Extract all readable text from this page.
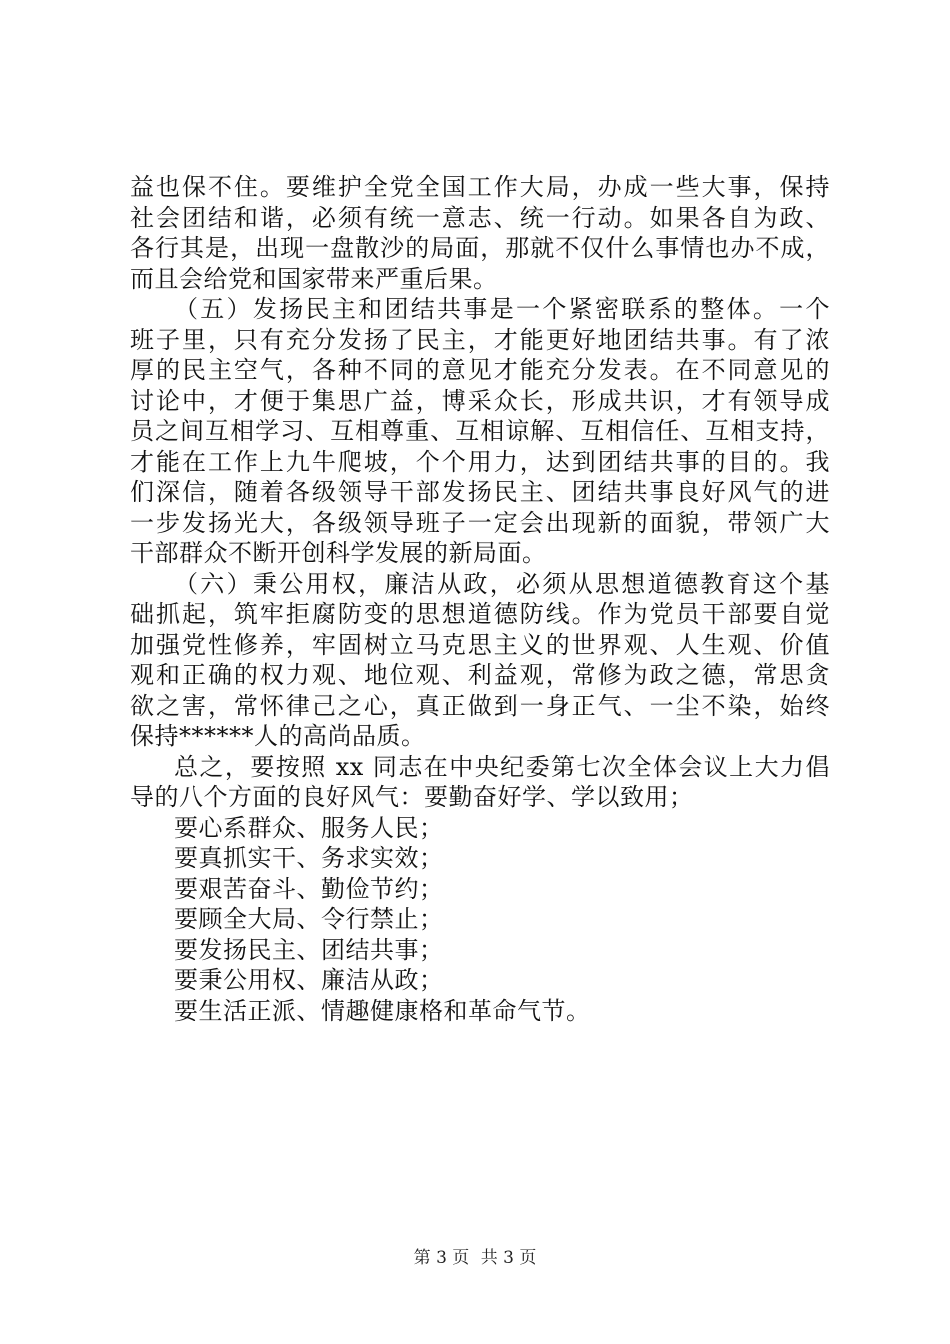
益也保不住。要维护全党全国工作大局，办成一些大事，保持
社会团结和谐，必须有统一意志、统一行动。如果各自为政、
各行其是，出现一盘散沙的局面，那就不仅什么事情也办不成，
而且会给党和国家带来严重后果。
（五）发扬民主和团结共事是一个紧密联系的整体。一个
班子里，只有充分发扬了民主，才能更好地团结共事。有了浓
厚的民主空气，各种不同的意见才能充分发表。在不同意见的
讨论中，才便于集思广益，博采众长，形成共识，才有领导成
员之间互相学习、互相尊重、互相谅解、互相信任、互相支持，
才能在工作上九牛爬坡，个个用力，达到团结共事的目的。我
们深信，随着各级领导干部发扬民主、团结共事良好风气的进
一步发扬光大，各级领导班子一定会出现新的面貌，带领广大
干部群众不断开创科学发展的新局面。
（六）秉公用权，廉洁从政，必须从思想道德教育这个基
础抓起，筑牢拒腐防变的思想道德防线。作为党员干部要自觉
加强党性修养，牢固树立马克思主义的世界观、人生观、价值
观和正确的权力观、地位观、利益观，常修为政之德，常思贪
欲之害，常怀律己之心，真正做到一身正气、一尘不染，始终
保持******人的高尚品质。
总之，要按照 xx 同志在中央纪委第七次全体会议上大力倡
导的八个方面的良好风气：要勤奋好学、学以致用；
要心系群众、服务人民；
要真抓实干、务求实效；
要艰苦奋斗、勤俭节约；
要顾全大局、令行禁止；
要发扬民主、团结共事；
要秉公用权、廉洁从政；
要生活正派、情趣健康格和革命气节。
第 3 页 共 3 页
